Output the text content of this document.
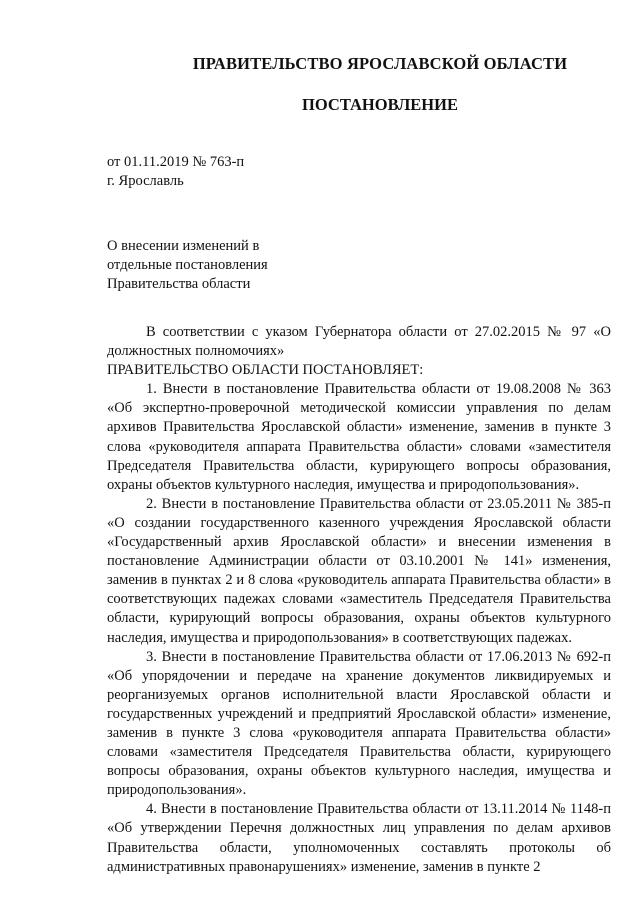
ПРАВИТЕЛЬСТВО ЯРОСЛАВСКОЙ ОБЛАСТИ
ПОСТАНОВЛЕНИЕ
от 01.11.2019 № 763-п
г. Ярославль
О внесении изменений в
отдельные постановления
Правительства области

В соответствии с указом Губернатора области от 27.02.2015 № 97 «О должностных полномочиях»

ПРАВИТЕЛЬСТВО ОБЛАСТИ ПОСТАНОВЛЯЕТ:

1. Внести в постановление Правительства области от 19.08.2008 № 363 «Об экспертно-проверочной методической комиссии управления по делам архивов Правительства Ярославской области» изменение, заменив в пункте 3 слова «руководителя аппарата Правительства области» словами «заместителя Председателя Правительства области, курирующего вопросы образования, охраны объектов культурного наследия, имущества и природопользования».

2. Внести в постановление Правительства области от 23.05.2011 № 385-п «О создании государственного казенного учреждения Ярославской области «Государственный архив Ярославской области» и внесении изменения в постановление Администрации области от 03.10.2001 № 141» изменения, заменив в пунктах 2 и 8 слова «руководитель аппарата Правительства области» в соответствующих падежах словами «заместитель Председателя Правительства области, курирующий вопросы образования, охраны объектов культурного наследия, имущества и природопользования» в соответствующих падежах.

3. Внести в постановление Правительства области от 17.06.2013 № 692-п «Об упорядочении и передаче на хранение документов ликвидируемых и реорганизуемых органов исполнительной власти Ярославской области и государственных учреждений и предприятий Ярославской области» изменение, заменив в пункте 3 слова «руководителя аппарата Правительства области» словами «заместителя Председателя Правительства области, курирующего вопросы образования, охраны объектов культурного наследия, имущества и природопользования».

4. Внести в постановление Правительства области от 13.11.2014 № 1148-п «Об утверждении Перечня должностных лиц управления по делам архивов Правительства области, уполномоченных составлять протоколы об административных правонарушениях» изменение, заменив в пункте 2
